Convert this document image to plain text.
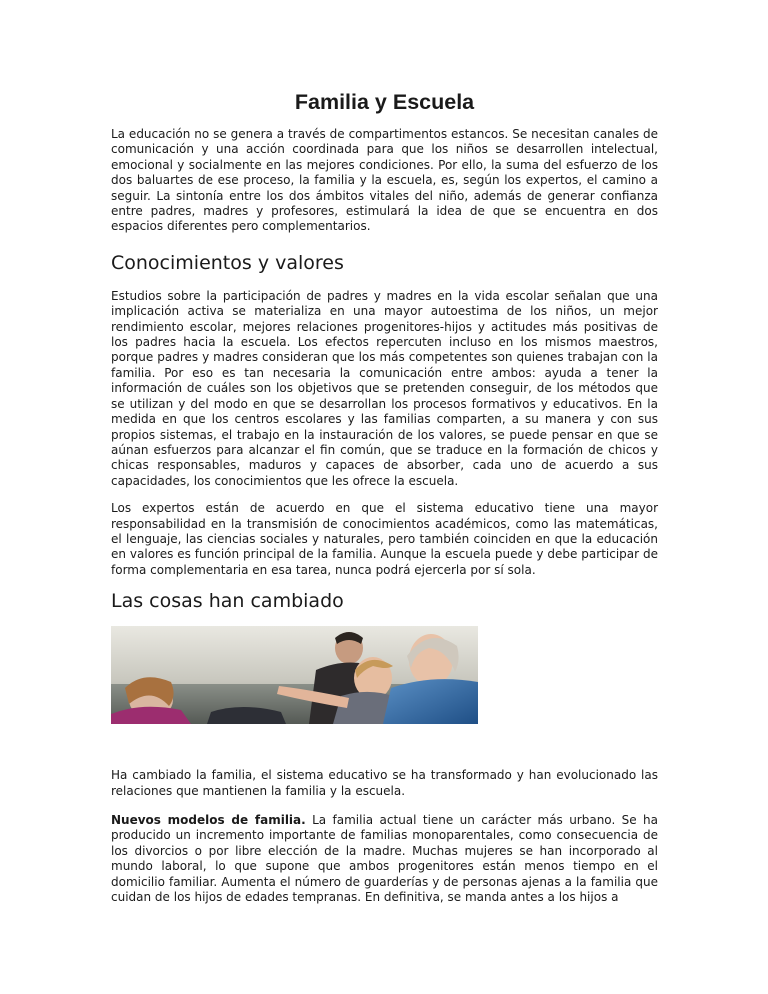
Familia y Escuela

La educación no se genera a través de compartimentos estancos. Se necesitan canales de comunicación y una acción coordinada para que los niños se desarrollen intelectual, emocional y socialmente en las mejores condiciones. Por ello, la suma del esfuerzo de los dos baluartes de ese proceso, la familia y la escuela, es, según los expertos, el camino a seguir. La sintonía entre los dos ámbitos vitales del niño, además de generar confianza entre padres, madres y profesores, estimulará la idea de que se encuentra en dos espacios diferentes pero complementarios.

Conocimientos y valores

Estudios sobre la participación de padres y madres en la vida escolar señalan que una implicación activa se materializa en una mayor autoestima de los niños, un mejor rendimiento escolar, mejores relaciones progenitores-hijos y actitudes más positivas de los padres hacia la escuela. Los efectos repercuten incluso en los mismos maestros, porque padres y madres consideran que los más competentes son quienes trabajan con la familia. Por eso es tan necesaria la comunicación entre ambos: ayuda a tener la información de cuáles son los objetivos que se pretenden conseguir, de los métodos que se utilizan y del modo en que se desarrollan los procesos formativos y educativos. En la medida en que los centros escolares y las familias comparten, a su manera y con sus propios sistemas, el trabajo en la instauración de los valores, se puede pensar en que se aúnan esfuerzos para alcanzar el fin común, que se traduce en la formación de chicos y chicas responsables, maduros y capaces de absorber, cada uno de acuerdo a sus capacidades, los conocimientos que les ofrece la escuela.

Los expertos están de acuerdo en que el sistema educativo tiene una mayor responsabilidad en la transmisión de conocimientos académicos, como las matemáticas, el lenguaje, las ciencias sociales y naturales, pero también coinciden en que la educación en valores es función principal de la familia. Aunque la escuela puede y debe participar de forma complementaria en esa tarea, nunca podrá ejercerla por sí sola.

Las cosas han cambiado

Ha cambiado la familia, el sistema educativo se ha transformado y han evolucionado las relaciones que mantienen la familia y la escuela.

Nuevos modelos de familia. La familia actual tiene un carácter más urbano. Se ha producido un incremento importante de familias monoparentales, como consecuencia de los divorcios o por libre elección de la madre. Muchas mujeres se han incorporado al mundo laboral, lo que supone que ambos progenitores están menos tiempo en el domicilio familiar. Aumenta el número de guarderías y de personas ajenas a la familia que cuidan de los hijos de edades tempranas. En definitiva, se manda antes a los hijos a
